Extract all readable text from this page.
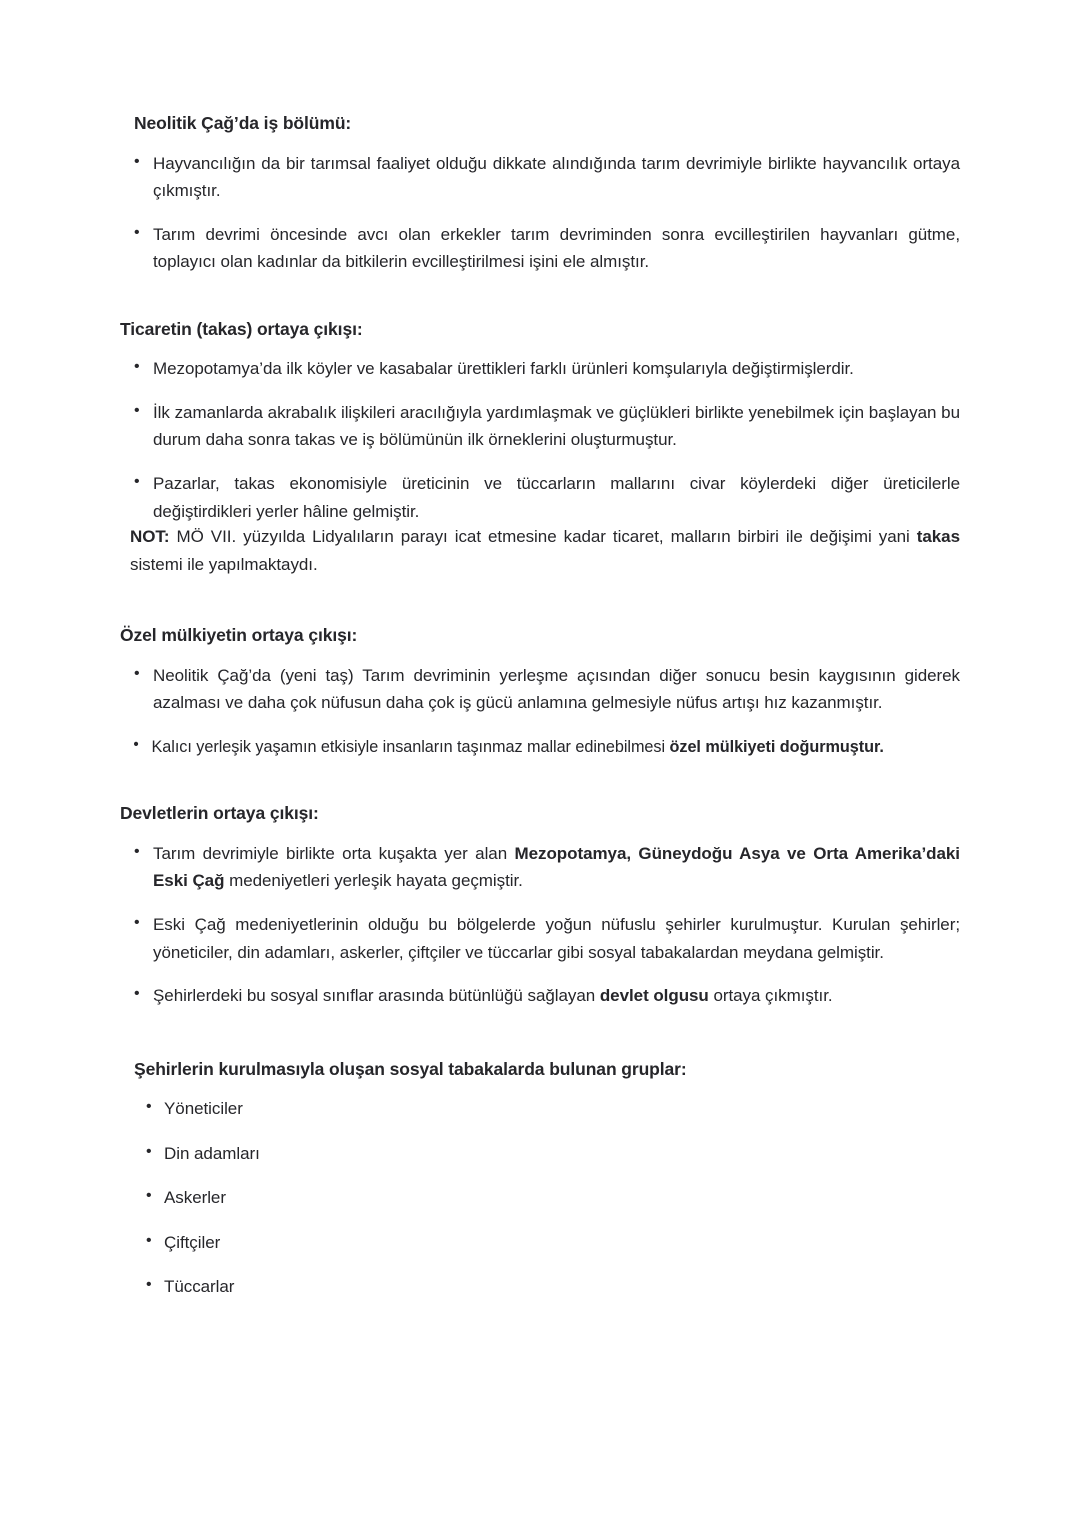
Neolitik Çağ’da iş bölümü:
• Hayvancılığın da bir tarımsal faaliyet olduğu dikkate alındığında tarım devrimiyle birlikte hayvancılık ortaya çıkmıştır.
• Tarım devrimi öncesinde avcı olan erkekler tarım devriminden sonra evcilleştirilen hayvanları gütme, toplayıcı olan kadınlar da bitkilerin evcilleştirilmesi işini ele almıştır.
Ticaretin (takas) ortaya çıkışı:
• Mezopotamya’da ilk köyler ve kasabalar ürettikleri farklı ürünleri komşularıyla değiştirmişlerdir.
• İlk zamanlarda akrabalık ilişkileri aracılığıyla yardımlaşmak ve güçlükleri birlikte yenebilmek için başlayan bu durum daha sonra takas ve iş bölümünün ilk örneklerini oluşturmuştur.
• Pazarlar, takas ekonomisiyle üreticinin ve tüccarların mallarını civar köylerdeki diğer üreticilerle değiştirdikleri yerler hâline gelmiştir.

NOT: MÖ VII. yüzyılda Lidyalıların parayı icat etmesine kadar ticaret, malların birbiri ile değişimi yani takas sistemi ile yapılmaktaydı.

Özel mülkiyetin ortaya çıkışı:
• Neolitik Çağ’da (yeni taş) Tarım devriminin yerleşme açısından diğer sonucu besin kaygısının giderek azalması ve daha çok nüfusun daha çok iş gücü anlamına gelmesiyle nüfus artışı hız kazanmıştır.
• Kalıcı yerleşik yaşamın etkisiyle insanların taşınmaz mallar edinebilmesi özel mülkiyeti doğurmuştur.
Devletlerin ortaya çıkışı:
• Tarım devrimiyle birlikte orta kuşakta yer alan Mezopotamya, Güneydoğu Asya ve Orta Amerika’daki Eski Çağ medeniyetleri yerleşik hayata geçmiştir.
• Eski Çağ medeniyetlerinin olduğu bu bölgelerde yoğun nüfuslu şehirler kurulmuştur. Kurulan şehirler; yöneticiler, din adamları, askerler, çiftçiler ve tüccarlar gibi sosyal tabakalardan meydana gelmiştir.
• Şehirlerdeki bu sosyal sınıflar arasında bütünlüğü sağlayan devlet olgusu ortaya çıkmıştır.
Şehirlerin kurulmasıyla oluşan sosyal tabakalarda bulunan gruplar:
• Yöneticiler
• Din adamları
• Askerler
• Çiftçiler
• Tüccarlar
